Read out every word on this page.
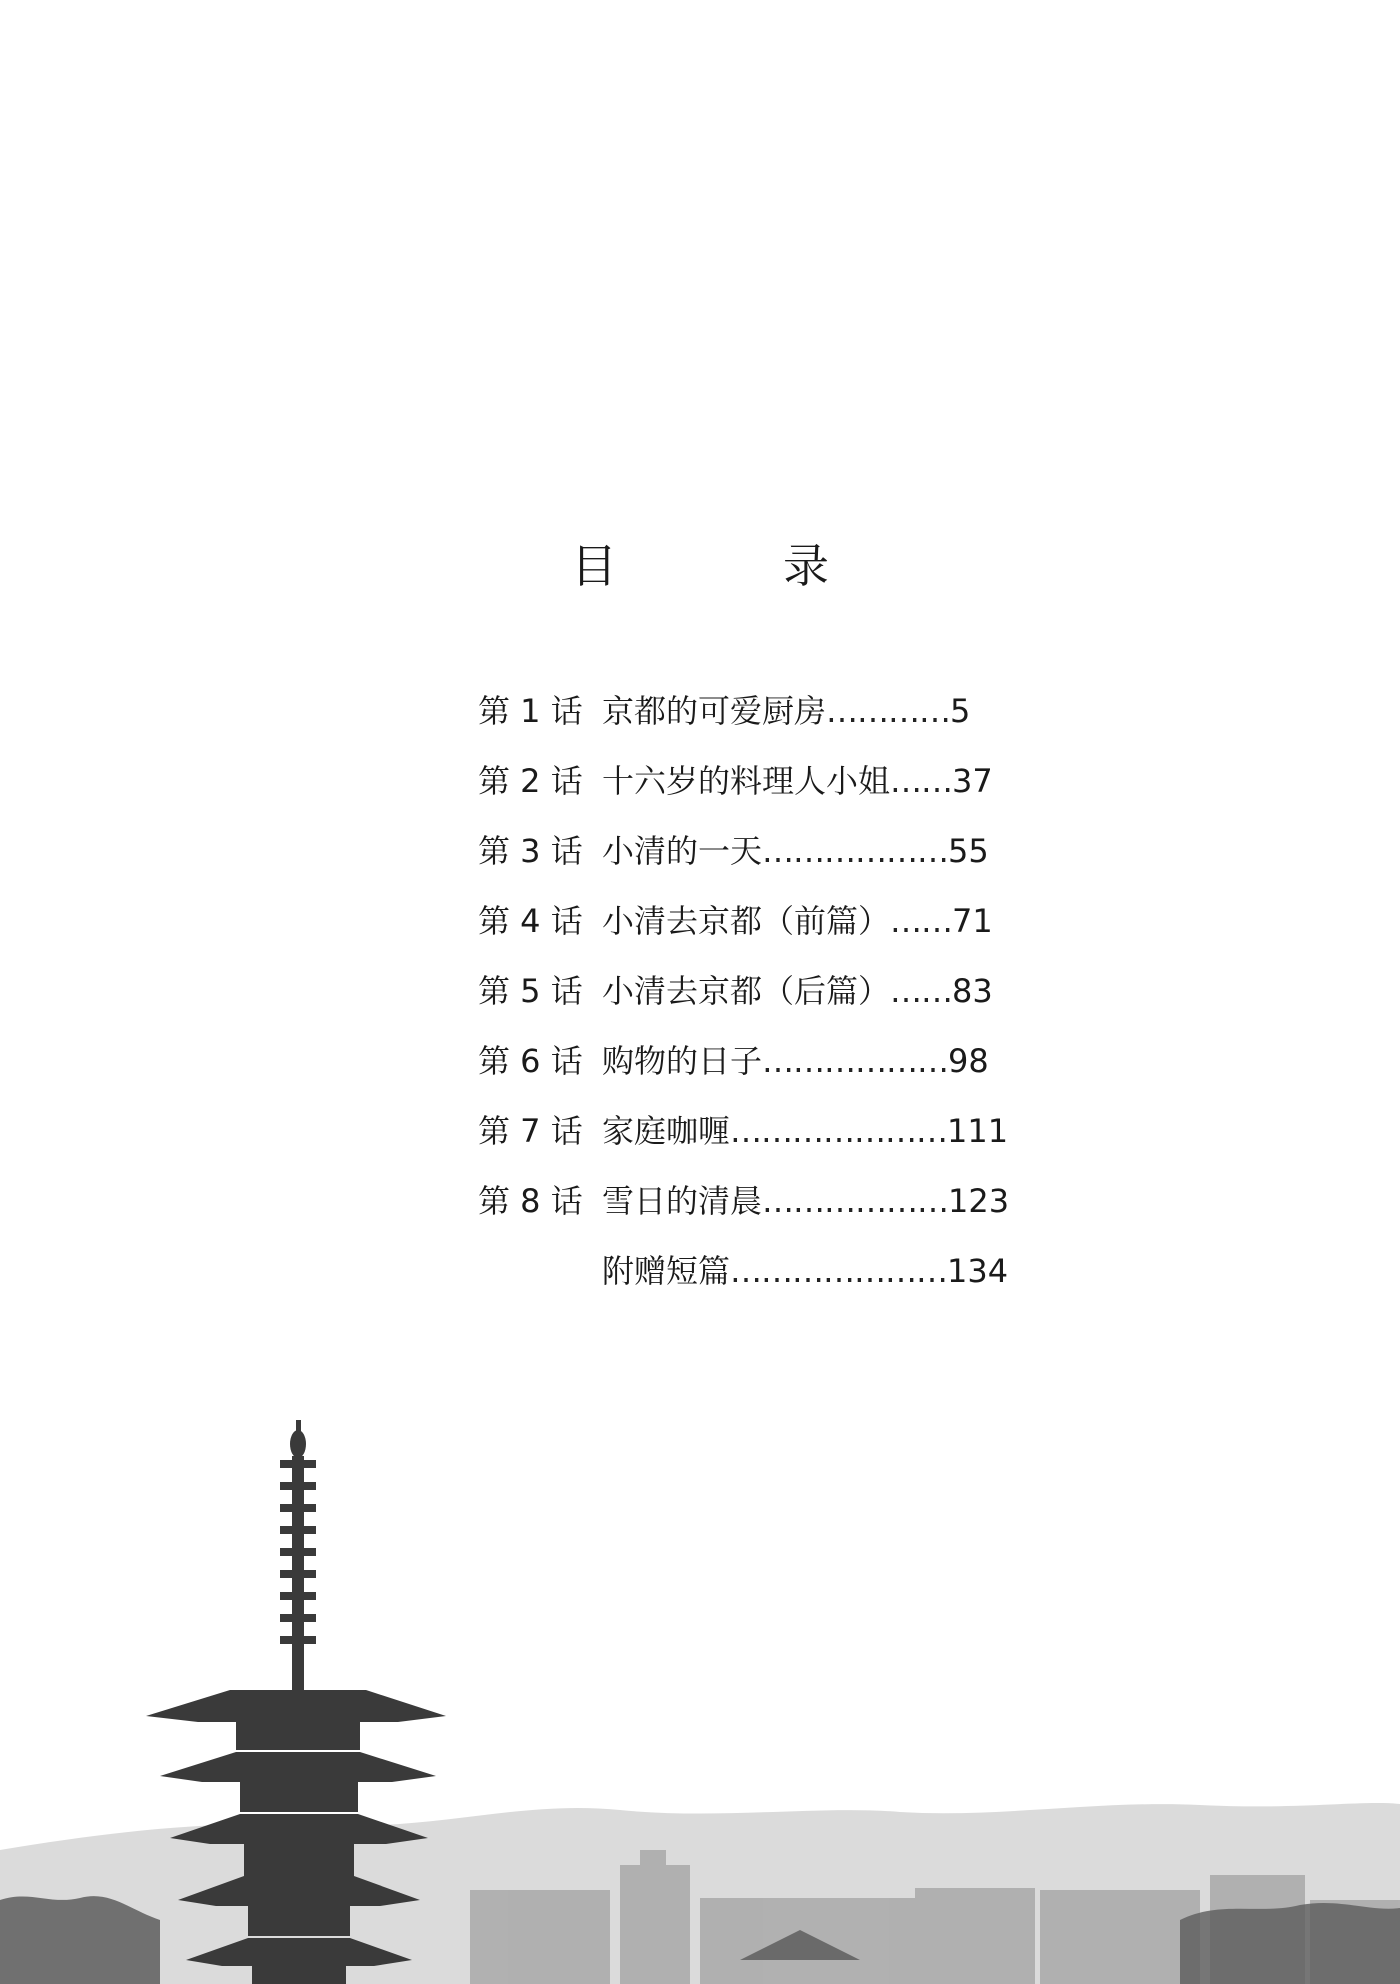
目　录
第 1 话 京都的可爱厨房 ………… 5
第 2 话 十六岁的料理人小姐 …… 37
第 3 话 小清的一天 ……………… 55
第 4 话 小清去京都（前篇） …… 71
第 5 话 小清去京都（后篇） …… 83
第 6 话 购物的日子 ……………… 98
第 7 话 家庭咖喱 ………………… 111
第 8 话 雪日的清晨 ……………… 123
附赠短篇 ………………… 134
